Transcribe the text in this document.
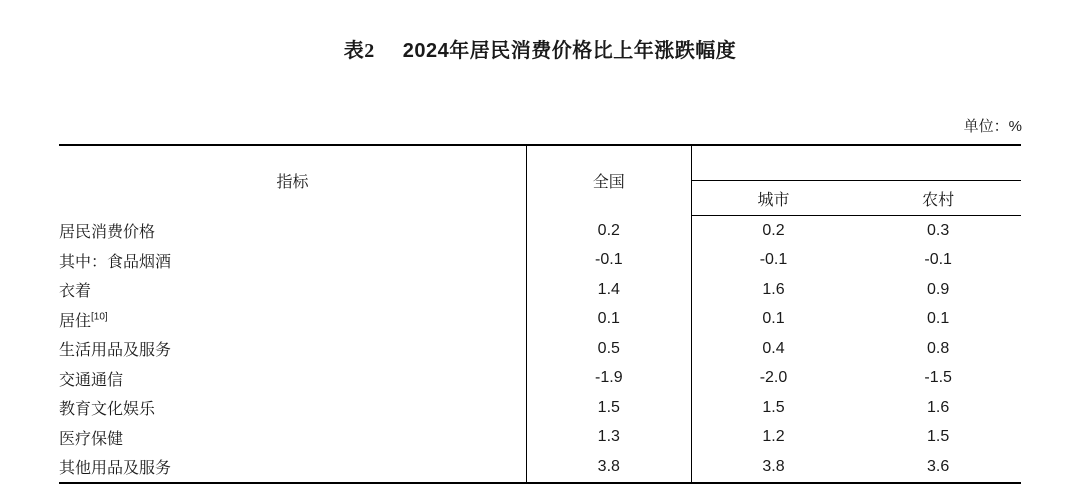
表2 2024年居民消费价格比上年涨跌幅度
单位：%
指标	全国		
		城市	农村
居民消费价格	0.2	0.2	0.3
其中：食品烟酒	-0.1	-0.1	-0.1
衣着	1.4	1.6	0.9
居住[10]	0.1	0.1	0.1
生活用品及服务	0.5	0.4	0.8
交通通信	-1.9	-2.0	-1.5
教育文化娱乐	1.5	1.5	1.6
医疗保健	1.3	1.2	1.5
其他用品及服务	3.8	3.8	3.6
